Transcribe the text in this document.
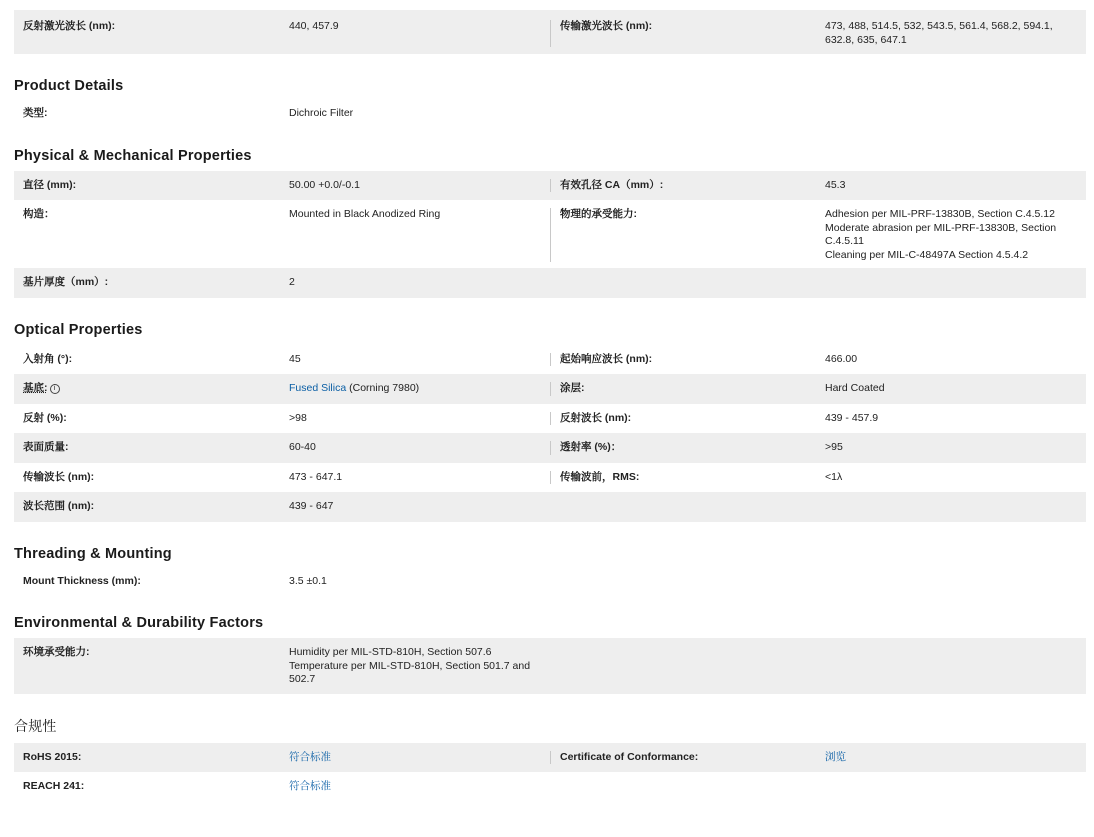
反射激光波长 (nm):	440, 457.9	传输激光波长 (nm):	473, 488, 514.5, 532, 543.5, 561.4, 568.2, 594.1, 632.8, 635, 647.1
Product Details
类型:	Dichroic Filter
Physical & Mechanical Properties
直径 (mm):	50.00 +0.0/-0.1	有效孔径 CA（mm）:	45.3
构造：	Mounted in Black Anodized Ring	物理的承受能力:	Adhesion per MIL-PRF-13830B, Section C.4.5.12
Moderate abrasion per MIL-PRF-13830B, Section
C.4.5.11
Cleaning per MIL-C-48497A Section 4.5.4.2
基片厚度（mm）:	2
Optical Properties
入射角 (°):	45	起始响应波长 (nm):	466.00
基底: i	Fused Silica (Corning 7980)	涂层:	Hard Coated
反射 (%):	>98	反射波长 (nm):	439 - 457.9
表面质量:	60-40	透射率 (%)：	>95
传输波长 (nm):	473 - 647.1	传输波前，RMS:	<1λ
波长范围 (nm):	439 - 647
Threading & Mounting
Mount Thickness (mm):	3.5 ±0.1
Environmental & Durability Factors
环境承受能力:	Humidity per MIL-STD-810H, Section 507.6
Temperature per MIL-STD-810H, Section 501.7 and
502.7
合规性
RoHS 2015:	符合标准	Certificate of Conformance:	浏览
REACH 241:	符合标准
